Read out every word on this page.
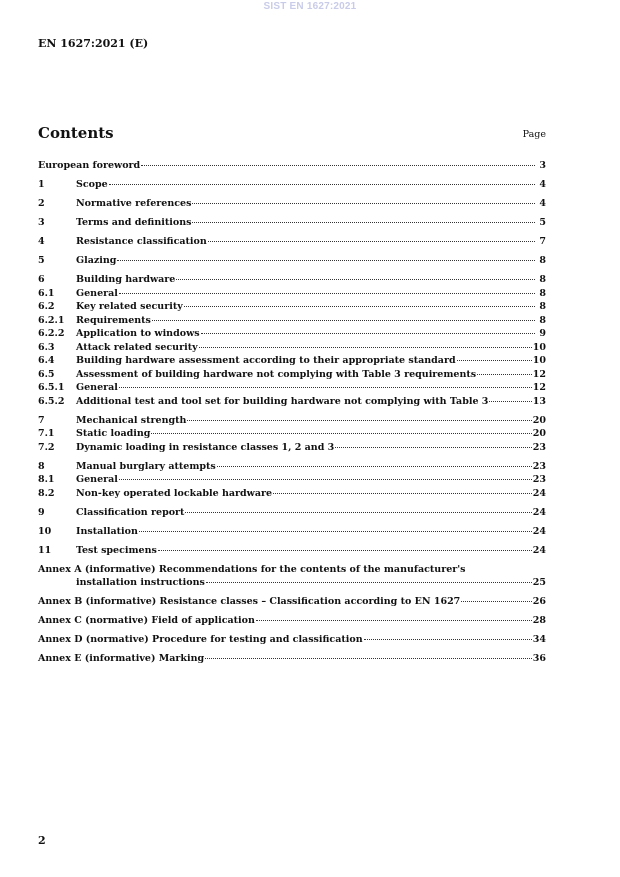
SIST EN 1627:2021
EN 1627:2021 (E)
Contents	Page
European foreword	3
1	Scope	4
2	Normative references	4
3	Terms and definitions	5
4	Resistance classification	7
5	Glazing	8
6	Building hardware	8
6.1	General	8
6.2	Key related security	8
6.2.1	Requirements	8
6.2.2	Application to windows	9
6.3	Attack related security	10
6.4	Building hardware assessment according to their appropriate standard	10
6.5	Assessment of building hardware not complying with Table 3 requirements	12
6.5.1	General	12
6.5.2	Additional test and tool set for building hardware not complying with Table 3	13
7	Mechanical strength	20
7.1	Static loading	20
7.2	Dynamic loading in resistance classes 1, 2 and 3	23
8	Manual burglary attempts	23
8.1	General	23
8.2	Non-key operated lockable hardware	24
9	Classification report	24
10	Installation	24
11	Test specimens	24
Annex A (informative) Recommendations for the contents of the manufacturer's
installation instructions	25
Annex B (informative) Resistance classes – Classification according to EN 1627	26
Annex C (normative) Field of application	28
Annex D (normative) Procedure for testing and classification	34
Annex E (informative) Marking	36
2
